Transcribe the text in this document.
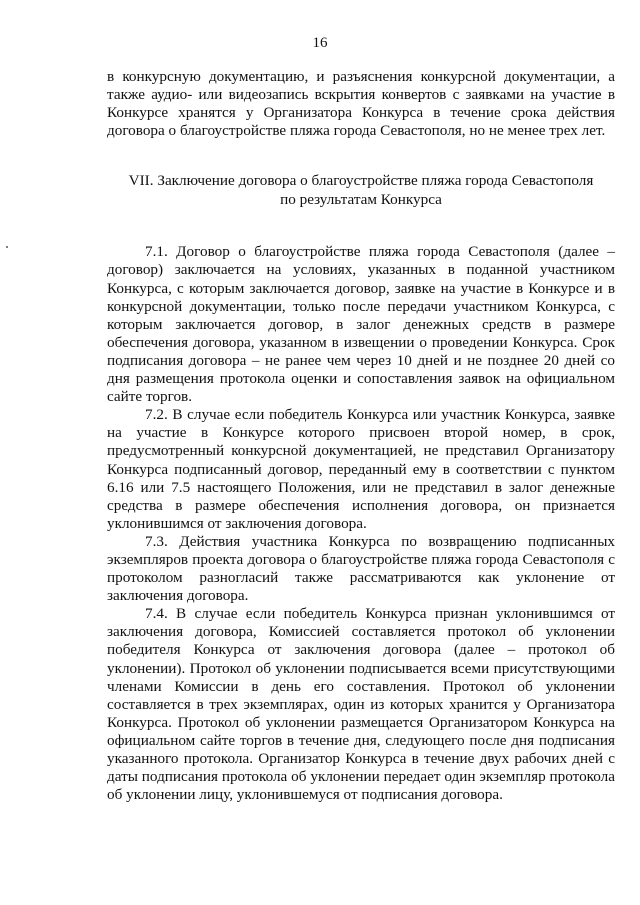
16

в конкурсную документацию, и разъяснения конкурсной документации, а также аудио- или видеозапись вскрытия конвертов с заявками на участие в Конкурсе хранятся у Организатора Конкурса в течение срока действия договора о благоустройстве пляжа города Севастополя, но не менее трех лет.

VII. Заключение договора о благоустройстве пляжа города Севастополя
по результатам Конкурса

7.1. Договор о благоустройстве пляжа города Севастополя (далее – договор) заключается на условиях, указанных в поданной участником Конкурса, с которым заключается договор, заявке на участие в Конкурсе и в конкурсной документации, только после передачи участником Конкурса, с которым заключается договор, в залог денежных средств в размере обеспечения договора, указанном в извещении о проведении Конкурса. Срок подписания договора – не ранее чем через 10 дней и не позднее 20 дней со дня размещения протокола оценки и сопоставления заявок на официальном сайте торгов.

7.2. В случае если победитель Конкурса или участник Конкурса, заявке на участие в Конкурсе которого присвоен второй номер, в срок, предусмотренный конкурсной документацией, не представил Организатору Конкурса подписанный договор, переданный ему в соответствии с пунктом 6.16 или 7.5 настоящего Положения, или не представил в залог денежные средства в размере обеспечения исполнения договора, он признается уклонившимся от заключения договора.

7.3. Действия участника Конкурса по возвращению подписанных экземпляров проекта договора о благоустройстве пляжа города Севастополя с протоколом разногласий также рассматриваются как уклонение от заключения договора.

7.4. В случае если победитель Конкурса признан уклонившимся от заключения договора, Комиссией составляется протокол об уклонении победителя Конкурса от заключения договора (далее – протокол об уклонении). Протокол об уклонении подписывается всеми присутствующими членами Комиссии в день его составления. Протокол об уклонении составляется в трех экземплярах, один из которых хранится у Организатора Конкурса. Протокол об уклонении размещается Организатором Конкурса на официальном сайте торгов в течение дня, следующего после дня подписания указанного протокола. Организатор Конкурса в течение двух рабочих дней с даты подписания протокола об уклонении передает один экземпляр протокола об уклонении лицу, уклонившемуся от подписания договора.
